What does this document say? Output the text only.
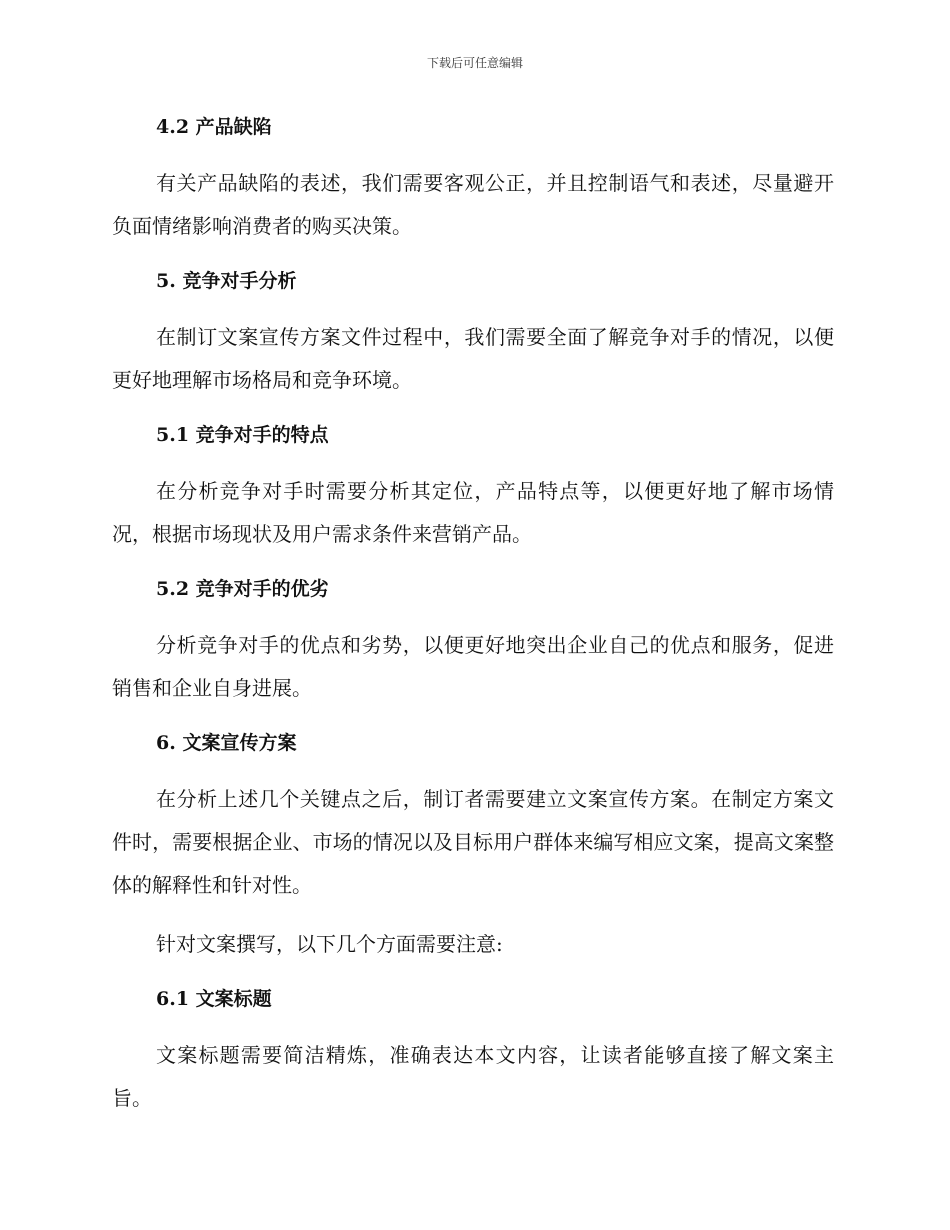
下载后可任意编辑
4.2 产品缺陷

有关产品缺陷的表述，我们需要客观公正，并且控制语气和表述，尽量避开负面情绪影响消费者的购买决策。

5. 竞争对手分析

在制订文案宣传方案文件过程中，我们需要全面了解竞争对手的情况，以便更好地理解市场格局和竞争环境。

5.1 竞争对手的特点

在分析竞争对手时需要分析其定位，产品特点等，以便更好地了解市场情况，根据市场现状及用户需求条件来营销产品。

5.2 竞争对手的优劣

分析竞争对手的优点和劣势，以便更好地突出企业自己的优点和服务，促进销售和企业自身进展。

6. 文案宣传方案

在分析上述几个关键点之后，制订者需要建立文案宣传方案。在制定方案文件时，需要根据企业、市场的情况以及目标用户群体来编写相应文案，提高文案整体的解释性和针对性。

针对文案撰写，以下几个方面需要注意:

6.1 文案标题

文案标题需要简洁精炼，准确表达本文内容，让读者能够直接了解文案主旨。
